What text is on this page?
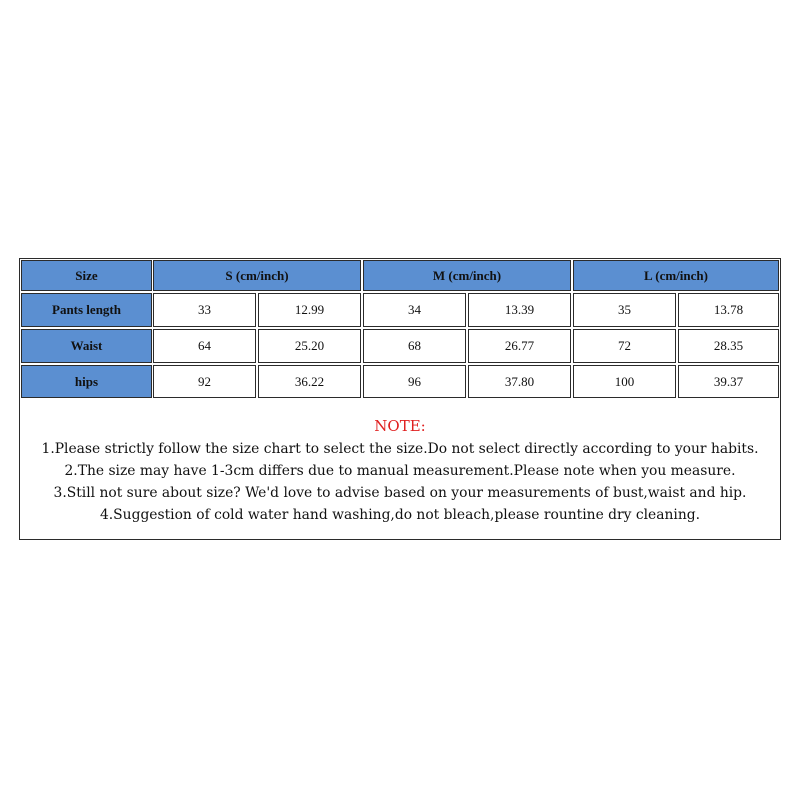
Size	S (cm/inch)	M (cm/inch)	L (cm/inch)
Pants length	33	12.99	34	13.39	35	13.78
Waist	64	25.20	68	26.77	72	28.35
hips	92	36.22	96	37.80	100	39.37
NOTE:
1.Please strictly follow the size chart to select the size.Do not select directly according to your habits.
2.The size may have 1-3cm differs due to manual measurement.Please note when you measure.
3.Still not sure about size? We'd love to advise based on your measurements of bust,waist and hip.
4.Suggestion of cold water hand washing,do not bleach,please rountine dry cleaning.
